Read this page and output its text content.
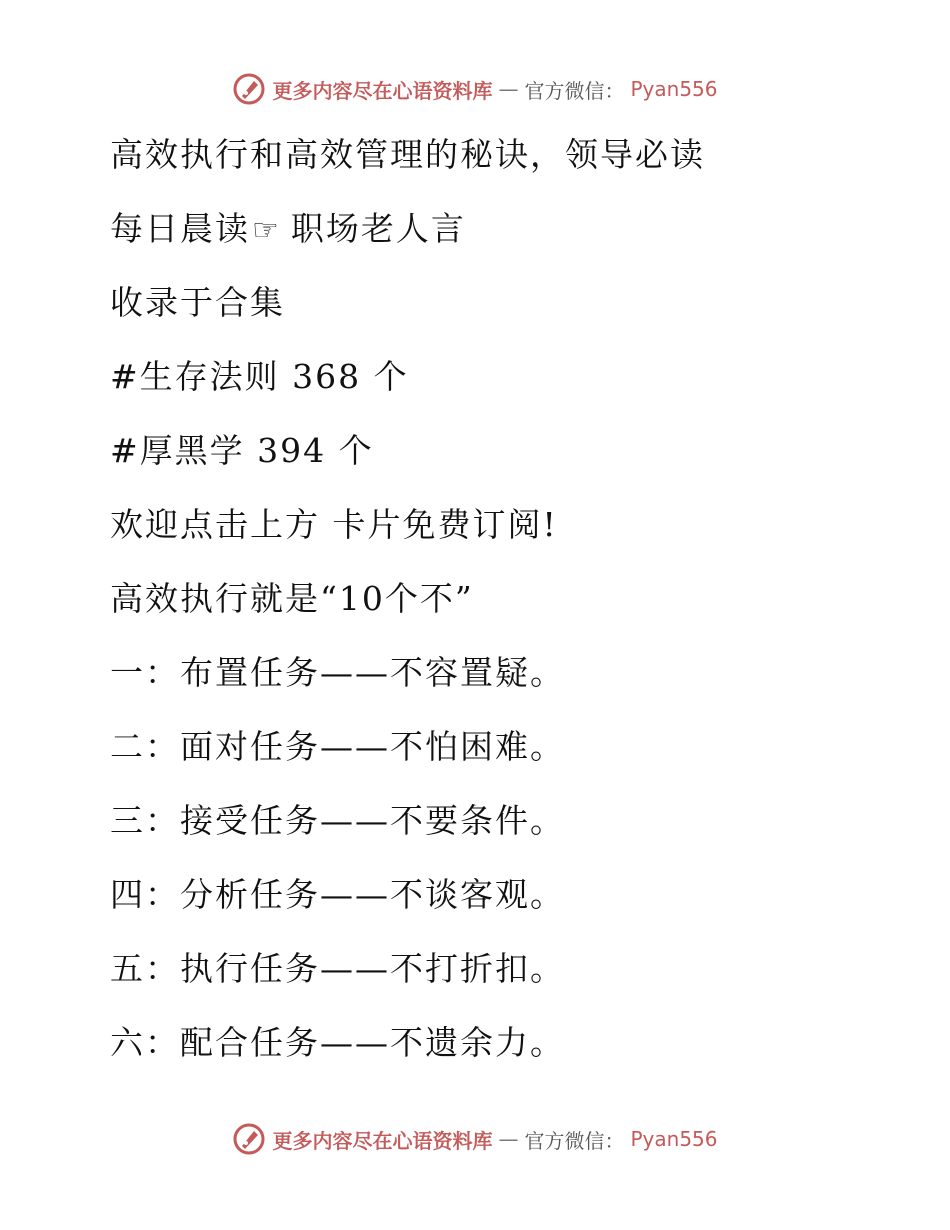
更多内容尽在心语资料库 — 官方微信： Pyan556
高效执行和高效管理的秘诀，领导必读
每日晨读☞ 职场老人言
收录于合集
#生存法则 368 个
#厚黑学 394 个
欢迎点击上方 卡片免费订阅!
高效执行就是“10个不”
一：布置任务——不容置疑。
二：面对任务——不怕困难。
三：接受任务——不要条件。
四：分析任务——不谈客观。
五：执行任务——不打折扣。
六：配合任务——不遗余力。
更多内容尽在心语资料库 — 官方微信： Pyan556
